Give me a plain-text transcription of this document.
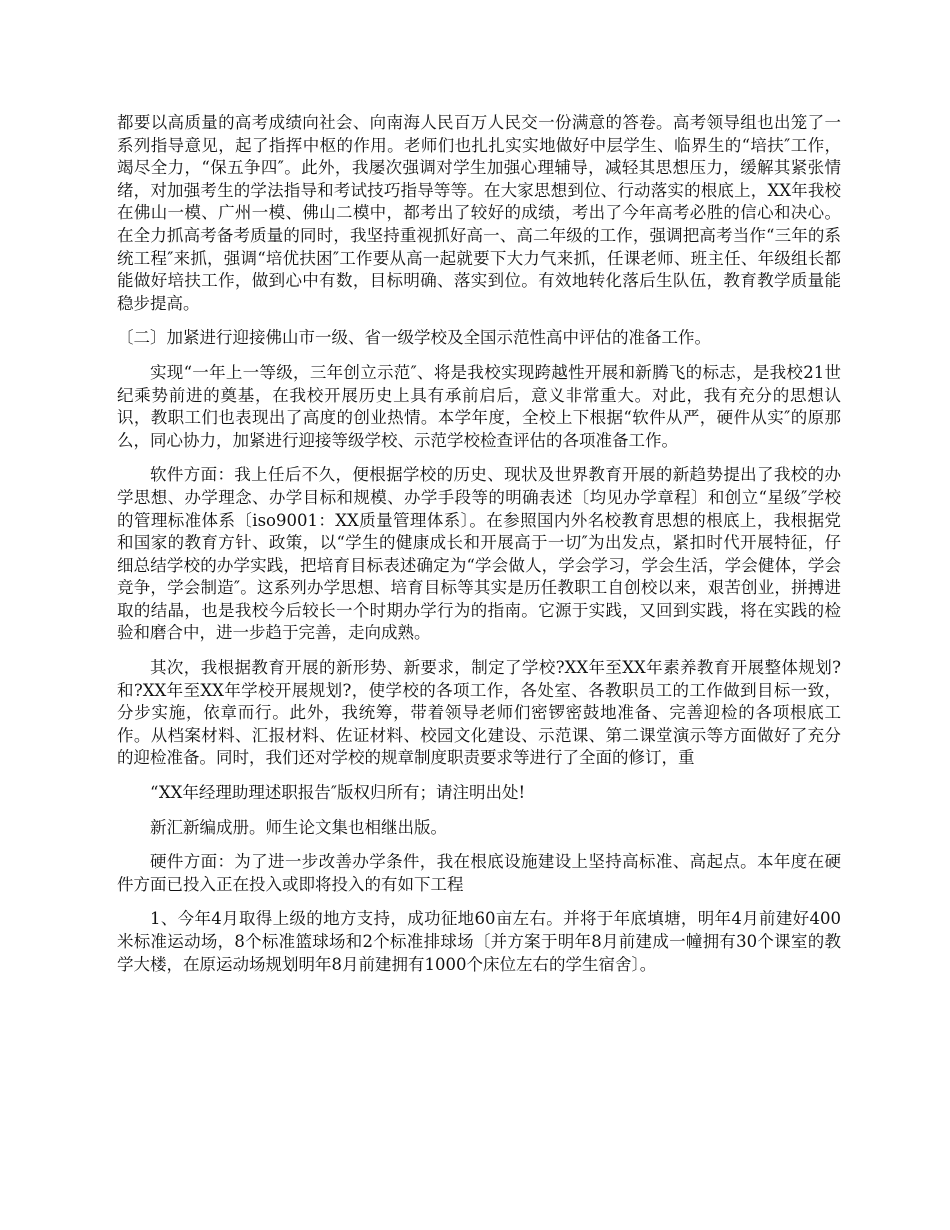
都要以高质量的高考成绩向社会、向南海人民百万人民交一份满意的答卷。高考领导组也出笼了一系列指导意见，起了指挥中枢的作用。老师们也扎扎实实地做好中层学生、临界生的“培扶″工作，竭尽全力，“保五争四″。此外，我屡次强调对学生加强心理辅导，减轻其思想压力，缓解其紧张情绪，对加强考生的学法指导和考试技巧指导等等。在大家思想到位、行动落实的根底上，XX年我校在佛山一模、广州一模、佛山二模中，都考出了较好的成绩，考出了今年高考必胜的信心和决心。在全力抓高考备考质量的同时，我坚持重视抓好高一、高二年级的工作，强调把高考当作“三年的系统工程″来抓，强调“培优扶困″工作要从高一起就要下大力气来抓，任课老师、班主任、年级组长都能做好培扶工作，做到心中有数，目标明确、落实到位。有效地转化落后生队伍，教育教学质量能稳步提高。

〔二〕加紧进行迎接佛山市一级、省一级学校及全国示范性高中评估的准备工作。

实现“一年上一等级，三年创立示范″、将是我校实现跨越性开展和新腾飞的标志，是我校21世纪乘势前进的奠基，在我校开展历史上具有承前启后，意义非常重大。对此，我有充分的思想认识，教职工们也表现出了高度的创业热情。本学年度，全校上下根据“软件从严，硬件从实″的原那么，同心协力，加紧进行迎接等级学校、示范学校检查评估的各项准备工作。

软件方面：我上任后不久，便根据学校的历史、现状及世界教育开展的新趋势提出了我校的办学思想、办学理念、办学目标和规模、办学手段等的明确表述〔均见办学章程〕和创立“星级″学校的管理标准体系〔iso9001：XX质量管理体系〕。在参照国内外名校教育思想的根底上，我根据党和国家的教育方针、政策，以“学生的健康成长和开展高于一切″为出发点，紧扣时代开展特征，仔细总结学校的办学实践，把培育目标表述确定为“学会做人，学会学习，学会生活，学会健体，学会竞争，学会制造″。这系列办学思想、培育目标等其实是历任教职工自创校以来，艰苦创业，拼搏进取的结晶，也是我校今后较长一个时期办学行为的指南。它源于实践，又回到实践，将在实践的检验和磨合中，进一步趋于完善，走向成熟。

其次，我根据教育开展的新形势、新要求，制定了学校?XX年至XX年素养教育开展整体规划?和?XX年至XX年学校开展规划?，使学校的各项工作，各处室、各教职员工的工作做到目标一致，分步实施，依章而行。此外，我统筹，带着领导老师们密锣密鼓地准备、完善迎检的各项根底工作。从档案材料、汇报材料、佐证材料、校园文化建设、示范课、第二课堂演示等方面做好了充分的迎检准备。同时，我们还对学校的规章制度职责要求等进行了全面的修订，重

“XX年经理助理述职报告″版权归所有；请注明出处!

新汇新编成册。师生论文集也相继出版。

硬件方面：为了进一步改善办学条件，我在根底设施建设上坚持高标准、高起点。本年度在硬件方面已投入正在投入或即将投入的有如下工程

1、今年4月取得上级的地方支持，成功征地60亩左右。并将于年底填塘，明年4月前建好400米标准运动场，8个标准篮球场和2个标准排球场〔并方案于明年8月前建成一幢拥有30个课室的教学大楼，在原运动场规划明年8月前建拥有1000个床位左右的学生宿舍〕。
